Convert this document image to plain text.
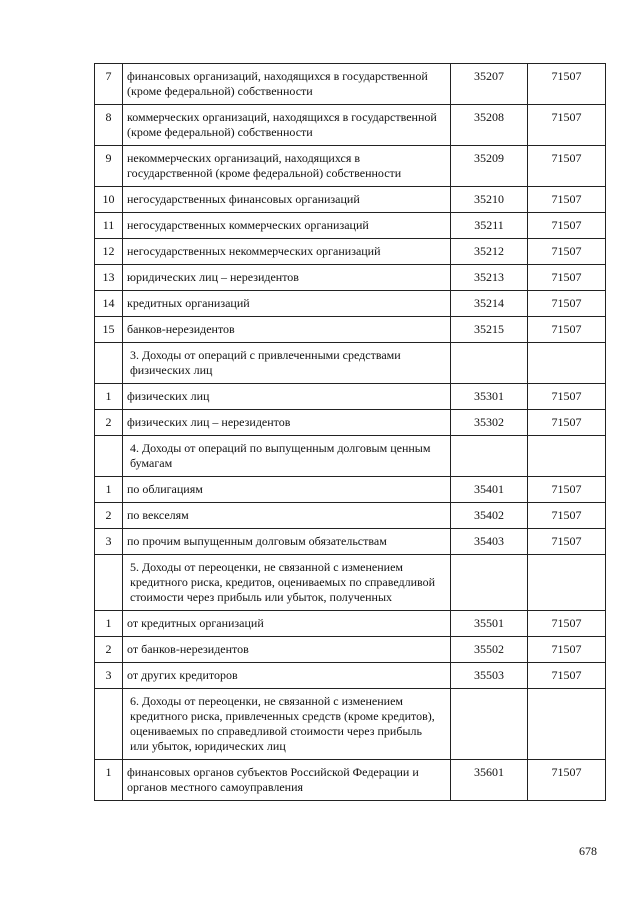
7	финансовых организаций, находящихся в государственной (кроме федеральной) собственности	35207	71507
8	коммерческих организаций, находящихся в государственной (кроме федеральной) собственности	35208	71507
9	некоммерческих организаций, находящихся в государственной (кроме федеральной) собственности	35209	71507
10	негосударственных финансовых организаций	35210	71507
11	негосударственных коммерческих организаций	35211	71507
12	негосударственных некоммерческих организаций	35212	71507
13	юридических лиц – нерезидентов	35213	71507
14	кредитных организаций	35214	71507
15	банков-нерезидентов	35215	71507
	3. Доходы от операций с привлеченными средствами физических лиц		
1	физических лиц	35301	71507
2	физических лиц – нерезидентов	35302	71507
	4. Доходы от операций по выпущенным долговым ценным бумагам		
1	по облигациям	35401	71507
2	по векселям	35402	71507
3	по прочим выпущенным долговым обязательствам	35403	71507
	5. Доходы от переоценки, не связанной с изменением кредитного риска, кредитов, оцениваемых по справедливой стоимости через прибыль или убыток, полученных		
1	от кредитных организаций	35501	71507
2	от банков-нерезидентов	35502	71507
3	от других кредиторов	35503	71507
	6. Доходы от переоценки, не связанной с изменением кредитного риска, привлеченных средств (кроме кредитов), оцениваемых по справедливой стоимости через прибыль или убыток, юридических лиц		
1	финансовых органов субъектов Российской Федерации и органов местного самоуправления	35601	71507
678
